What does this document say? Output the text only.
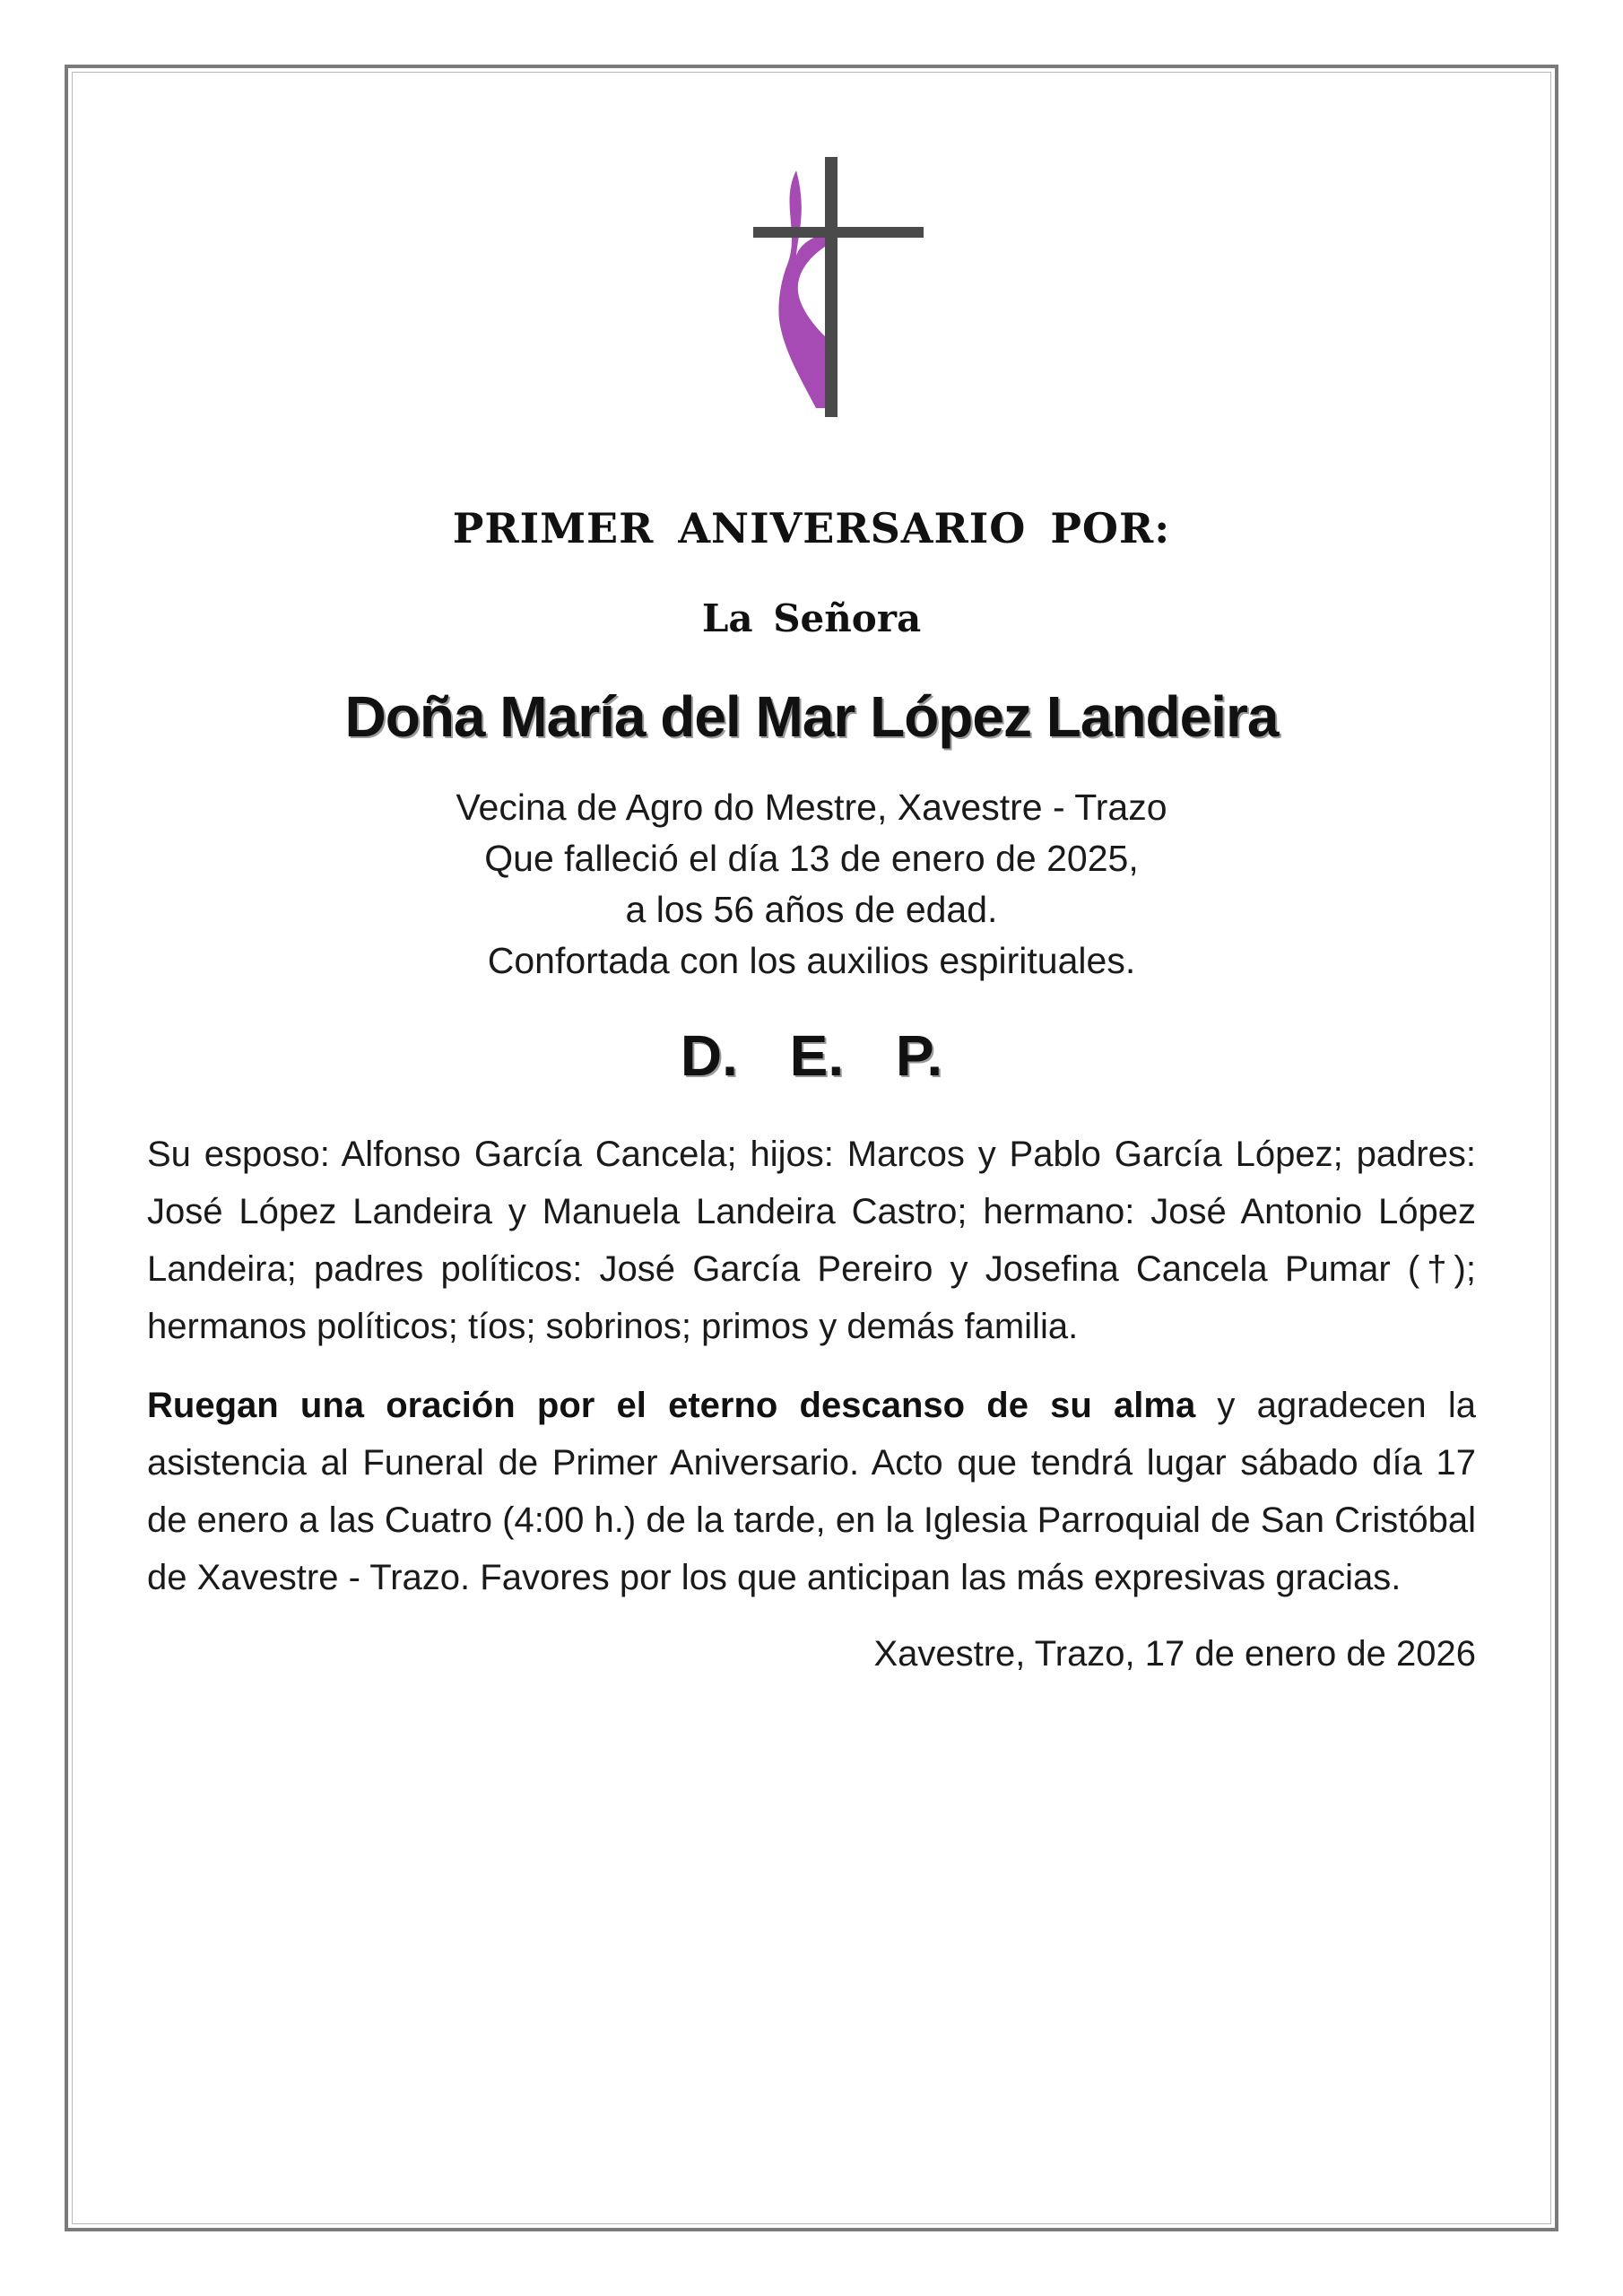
PRIMER ANIVERSARIO POR:
La Señora
Doña María del Mar López Landeira
Vecina de Agro do Mestre, Xavestre - Trazo
Que falleció el día 13 de enero de 2025,
a los 56 años de edad.
Confortada con los auxilios espirituales.
D. E. P.
Su esposo: Alfonso García Cancela; hijos: Marcos y Pablo García López; padres: José López Landeira y Manuela Landeira Castro; hermano: José Antonio López Landeira; padres políticos: José García Pereiro y Josefina Cancela Pumar (†); hermanos políticos; tíos; sobrinos; primos y demás familia.
Ruegan una oración por el eterno descanso de su alma y agradecen la asistencia al Funeral de Primer Aniversario. Acto que tendrá lugar sábado día 17 de enero a las Cuatro (4:00 h.) de la tarde, en la Iglesia Parroquial de San Cristóbal de Xavestre - Trazo. Favores por los que anticipan las más expresivas gracias.
Xavestre, Trazo, 17 de enero de 2026
